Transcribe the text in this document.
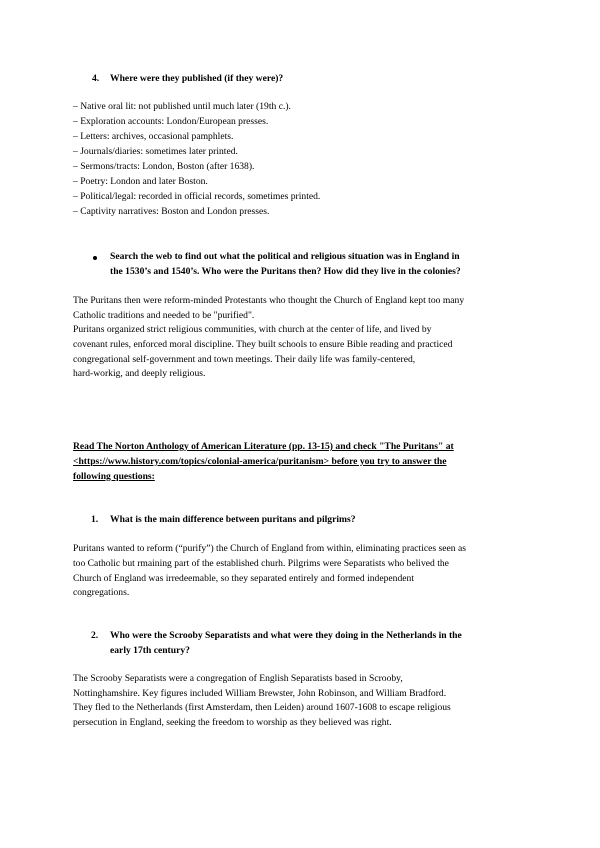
4. Where were they published (if they were)?
– Native oral lit: not published until much later (19th c.).
– Exploration accounts: London/European presses.
– Letters: archives, occasional pamphlets.
– Journals/diaries: sometimes later printed.
– Sermons/tracts: London, Boston (after 1638).
– Poetry: London and later Boston.
– Political/legal: recorded in official records, sometimes printed.
– Captivity narratives: Boston and London presses.
Search the web to find out what the political and religious situation was in England in
the 1530’s and 1540’s. Who were the Puritans then? How did they live in the colonies?
The Puritans then were reform-minded Protestants who thought the Church of England kept too many
Catholic traditions and needed to be "purified".
Puritans organized strict religious communities, with church at the center of life, and lived by
covenant rules, enforced moral discipline. They built schools to ensure Bible reading and practiced
congregational self-government and town meetings. Their daily life was family-centered,
hard-workig, and deeply religious.
Read The Norton Anthology of American Literature (pp. 13-15) and check "The Puritans" at
<https://www.history.com/topics/colonial-america/puritanism> before you try to answer the
following questions:
1. What is the main difference between puritans and pilgrims?
Puritans wanted to reform (“purify”) the Church of England from within, eliminating practices seen as
too Catholic but rmaining part of the established churh. Pilgrims were Separatists who belived the
Church of England was irredeemable, so they separated entirely and formed independent
congregations.
2. Who were the Scrooby Separatists and what were they doing in the Netherlands in the
early 17th century?
The Scrooby Separatists were a congregation of English Separatists based in Scrooby,
Nottinghamshire. Key figures included William Brewster, John Robinson, and William Bradford.
They fled to the Netherlands (first Amsterdam, then Leiden) around 1607-1608 to escape religious
persecution in England, seeking the freedom to worship as they believed was right.
